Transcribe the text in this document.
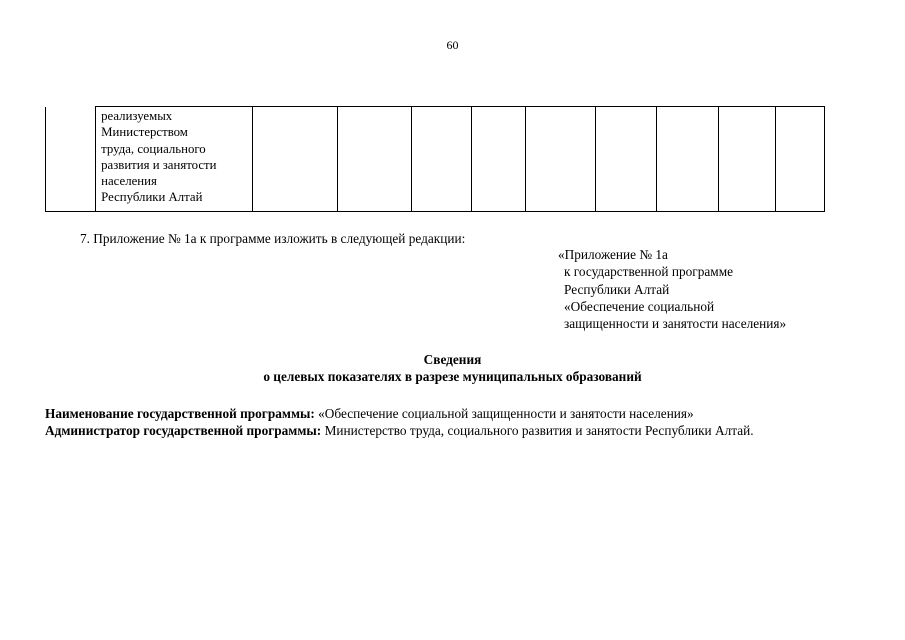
60

реализуемых
Министерством
труда, социального
развития и занятости
населения
Республики Алтай

7. Приложение № 1а к программе изложить в следующей редакции:
«Приложение № 1а
к государственной программе
Республики Алтай
«Обеспечение социальной
защищенности и занятости населения»
Сведения
о целевых показателях в разрезе муниципальных образований
Наименование государственной программы: «Обеспечение социальной защищенности и занятости населения»
Администратор государственной программы: Министерство труда, социального развития и занятости Республики Алтай.
